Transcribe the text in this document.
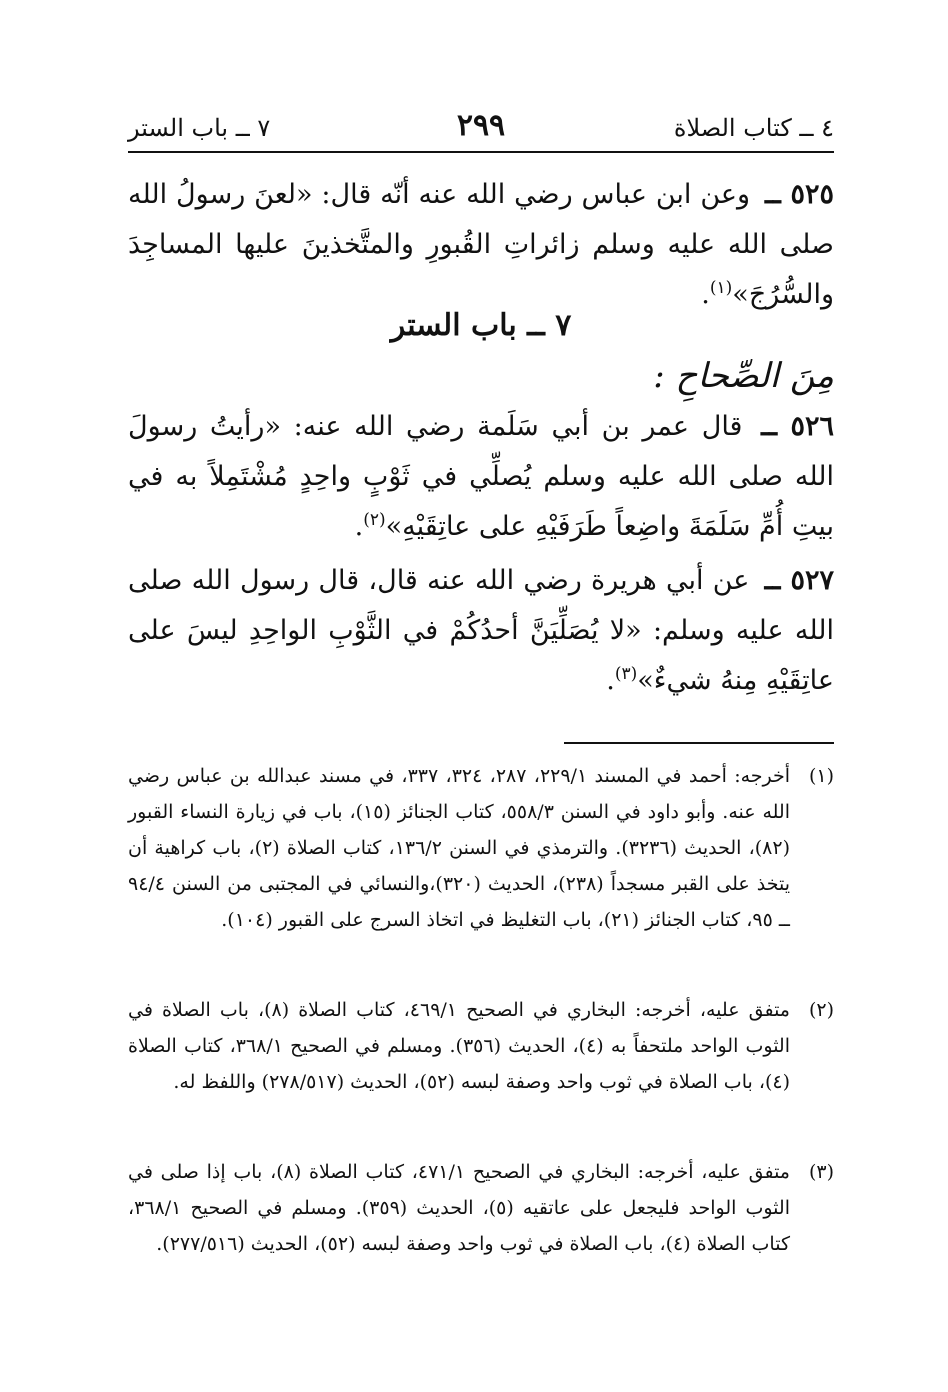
٤ ــ كتاب الصلاة
٢٩٩
٧ ــ باب الستر

٥٢٥ ــ وعن ابن عباس رضي الله عنه أنّه قال: «لعنَ رسولُ الله صلى الله عليه وسلم زائراتِ القُبورِ والمتَّخذينَ عليها المساجِدَ والسُّرُجَ»$^{(١)}$.

٧ ــ باب الستر

مِنَ الصِّحاحِ :

٥٢٦ ــ قال عمر بن أبي سَلَمة رضي الله عنه: «رأيتُ رسولَ الله صلى الله عليه وسلم يُصلِّي في ثَوْبٍ واحِدٍ مُشْتَمِلاً به في بيتِ أُمِّ سَلَمَةَ واضِعاً طَرَفَيْهِ على عاتِقَيْهِ»$^{(٢)}$.

٥٢٧ ــ عن أبي هريرة رضي الله عنه قال، قال رسول الله صلى الله عليه وسلم: «لا يُصَلِّيَنَّ أحدُكُمْ في الثَّوْبِ الواحِدِ ليسَ على عاتِقَيْهِ مِنهُ شيءٌ»$^{(٣)}$.

(١)
أخرجه: أحمد في المسند ٢٢٩/١، ٢٨٧، ٣٢٤، ٣٣٧، في مسند عبدالله بن عباس رضي الله عنه. وأبو داود في السنن ٥٥٨/٣، كتاب الجنائز (١٥)، باب في زيارة النساء القبور (٨٢)، الحديث (٣٢٣٦). والترمذي في السنن ١٣٦/٢، كتاب الصلاة (٢)، باب كراهية أن يتخذ على القبر مسجداً (٢٣٨)، الحديث (٣٢٠)،والنسائي في المجتبى من السنن ٩٤/٤ ــ ٩٥، كتاب الجنائز (٢١)، باب التغليظ في اتخاذ السرج على القبور (١٠٤).

(٢)
متفق عليه، أخرجه: البخاري في الصحيح ٤٦٩/١، كتاب الصلاة (٨)، باب الصلاة في الثوب الواحد ملتحفاً به (٤)، الحديث (٣٥٦). ومسلم في الصحيح ٣٦٨/١، كتاب الصلاة (٤)، باب الصلاة في ثوب واحد وصفة لبسه (٥٢)، الحديث (٢٧٨/٥١٧) واللفظ له.

(٣)
متفق عليه، أخرجه: البخاري في الصحيح ٤٧١/١، كتاب الصلاة (٨)، باب إذا صلى في الثوب الواحد فليجعل على عاتقيه (٥)، الحديث (٣٥٩). ومسلم في الصحيح ٣٦٨/١، كتاب الصلاة (٤)، باب الصلاة في ثوب واحد وصفة لبسه (٥٢)، الحديث (٢٧٧/٥١٦).
